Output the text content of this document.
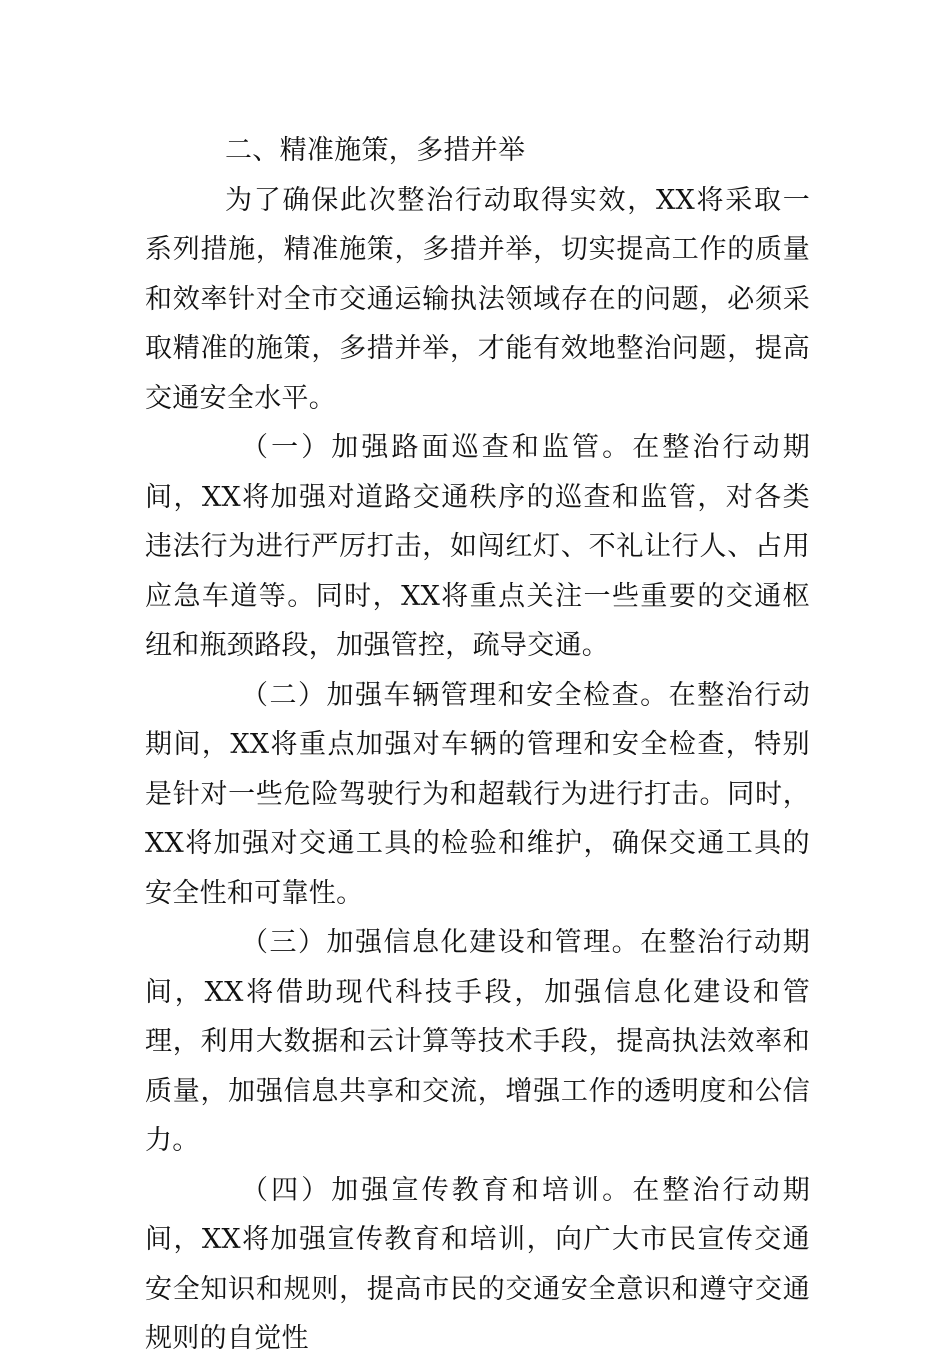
二、精准施策，多措并举

为了确保此次整治行动取得实效，XX将采取一系列措施，精准施策，多措并举，切实提高工作的质量和效率针对全市交通运输执法领域存在的问题，必须采取精准的施策，多措并举，才能有效地整治问题，提高交通安全水平。

（一）加强路面巡查和监管。在整治行动期间，XX将加强对道路交通秩序的巡查和监管，对各类违法行为进行严厉打击，如闯红灯、不礼让行人、占用应急车道等。同时，XX将重点关注一些重要的交通枢纽和瓶颈路段，加强管控，疏导交通。

（二）加强车辆管理和安全检查。在整治行动期间，XX将重点加强对车辆的管理和安全检查，特别是针对一些危险驾驶行为和超载行为进行打击。同时，XX将加强对交通工具的检验和维护，确保交通工具的安全性和可靠性。

（三）加强信息化建设和管理。在整治行动期间，XX将借助现代科技手段，加强信息化建设和管理，利用大数据和云计算等技术手段，提高执法效率和质量，加强信息共享和交流，增强工作的透明度和公信力。

（四）加强宣传教育和培训。在整治行动期间，XX将加强宣传教育和培训，向广大市民宣传交通安全知识和规则，提高市民的交通安全意识和遵守交通规则的自觉性
